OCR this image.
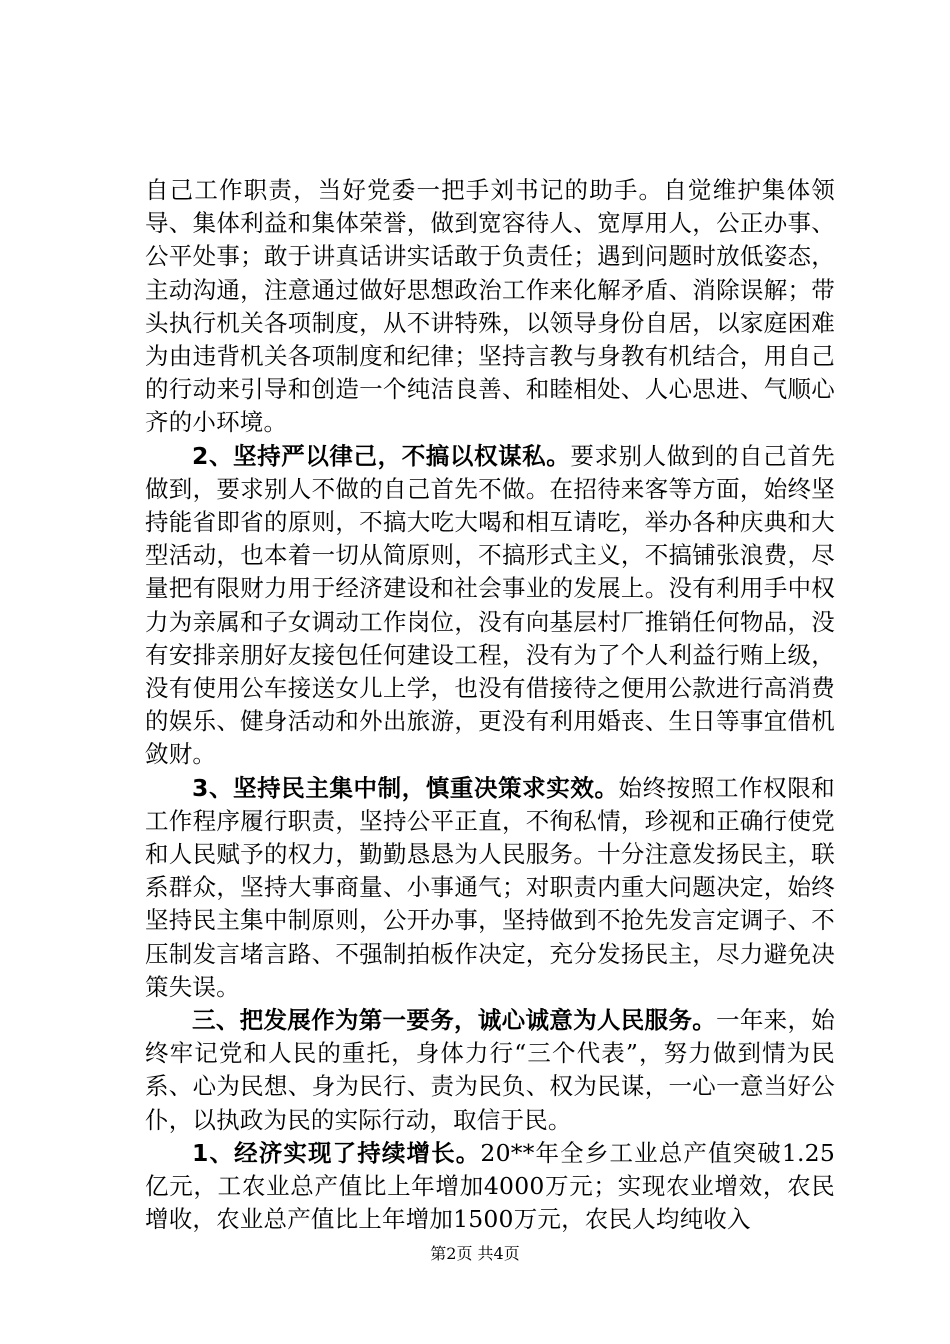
自己工作职责，当好党委一把手刘书记的助手。自觉维护集体领导、集体利益和集体荣誉，做到宽容待人、宽厚用人，公正办事、公平处事；敢于讲真话讲实话敢于负责任；遇到问题时放低姿态，主动沟通，注意通过做好思想政治工作来化解矛盾、消除误解；带头执行机关各项制度，从不讲特殊，以领导身份自居，以家庭困难为由违背机关各项制度和纪律；坚持言教与身教有机结合，用自己的行动来引导和创造一个纯洁良善、和睦相处、人心思进、气顺心齐的小环境。

2、坚持严以律己，不搞以权谋私。要求别人做到的自己首先做到，要求别人不做的自己首先不做。在招待来客等方面，始终坚持能省即省的原则，不搞大吃大喝和相互请吃，举办各种庆典和大型活动，也本着一切从简原则，不搞形式主义，不搞铺张浪费，尽量把有限财力用于经济建设和社会事业的发展上。没有利用手中权力为亲属和子女调动工作岗位，没有向基层村厂推销任何物品，没有安排亲朋好友接包任何建设工程，没有为了个人利益行贿上级，没有使用公车接送女儿上学，也没有借接待之便用公款进行高消费的娱乐、健身活动和外出旅游，更没有利用婚丧、生日等事宜借机敛财。

3、坚持民主集中制，慎重决策求实效。始终按照工作权限和工作程序履行职责，坚持公平正直，不徇私情，珍视和正确行使党和人民赋予的权力，勤勤恳恳为人民服务。十分注意发扬民主，联系群众，坚持大事商量、小事通气；对职责内重大问题决定，始终坚持民主集中制原则，公开办事，坚持做到不抢先发言定调子、不压制发言堵言路、不强制拍板作决定，充分发扬民主，尽力避免决策失误。

三、把发展作为第一要务，诚心诚意为人民服务。一年来，始终牢记党和人民的重托，身体力行“三个代表”，努力做到情为民系、心为民想、身为民行、责为民负、权为民谋，一心一意当好公仆，以执政为民的实际行动，取信于民。

1、经济实现了持续增长。20**年全乡工业总产值突破1.25亿元，工农业总产值比上年增加4000万元；实现农业增效，农民增收，农业总产值比上年增加1500万元，农民人均纯收入

第2页 共4页
